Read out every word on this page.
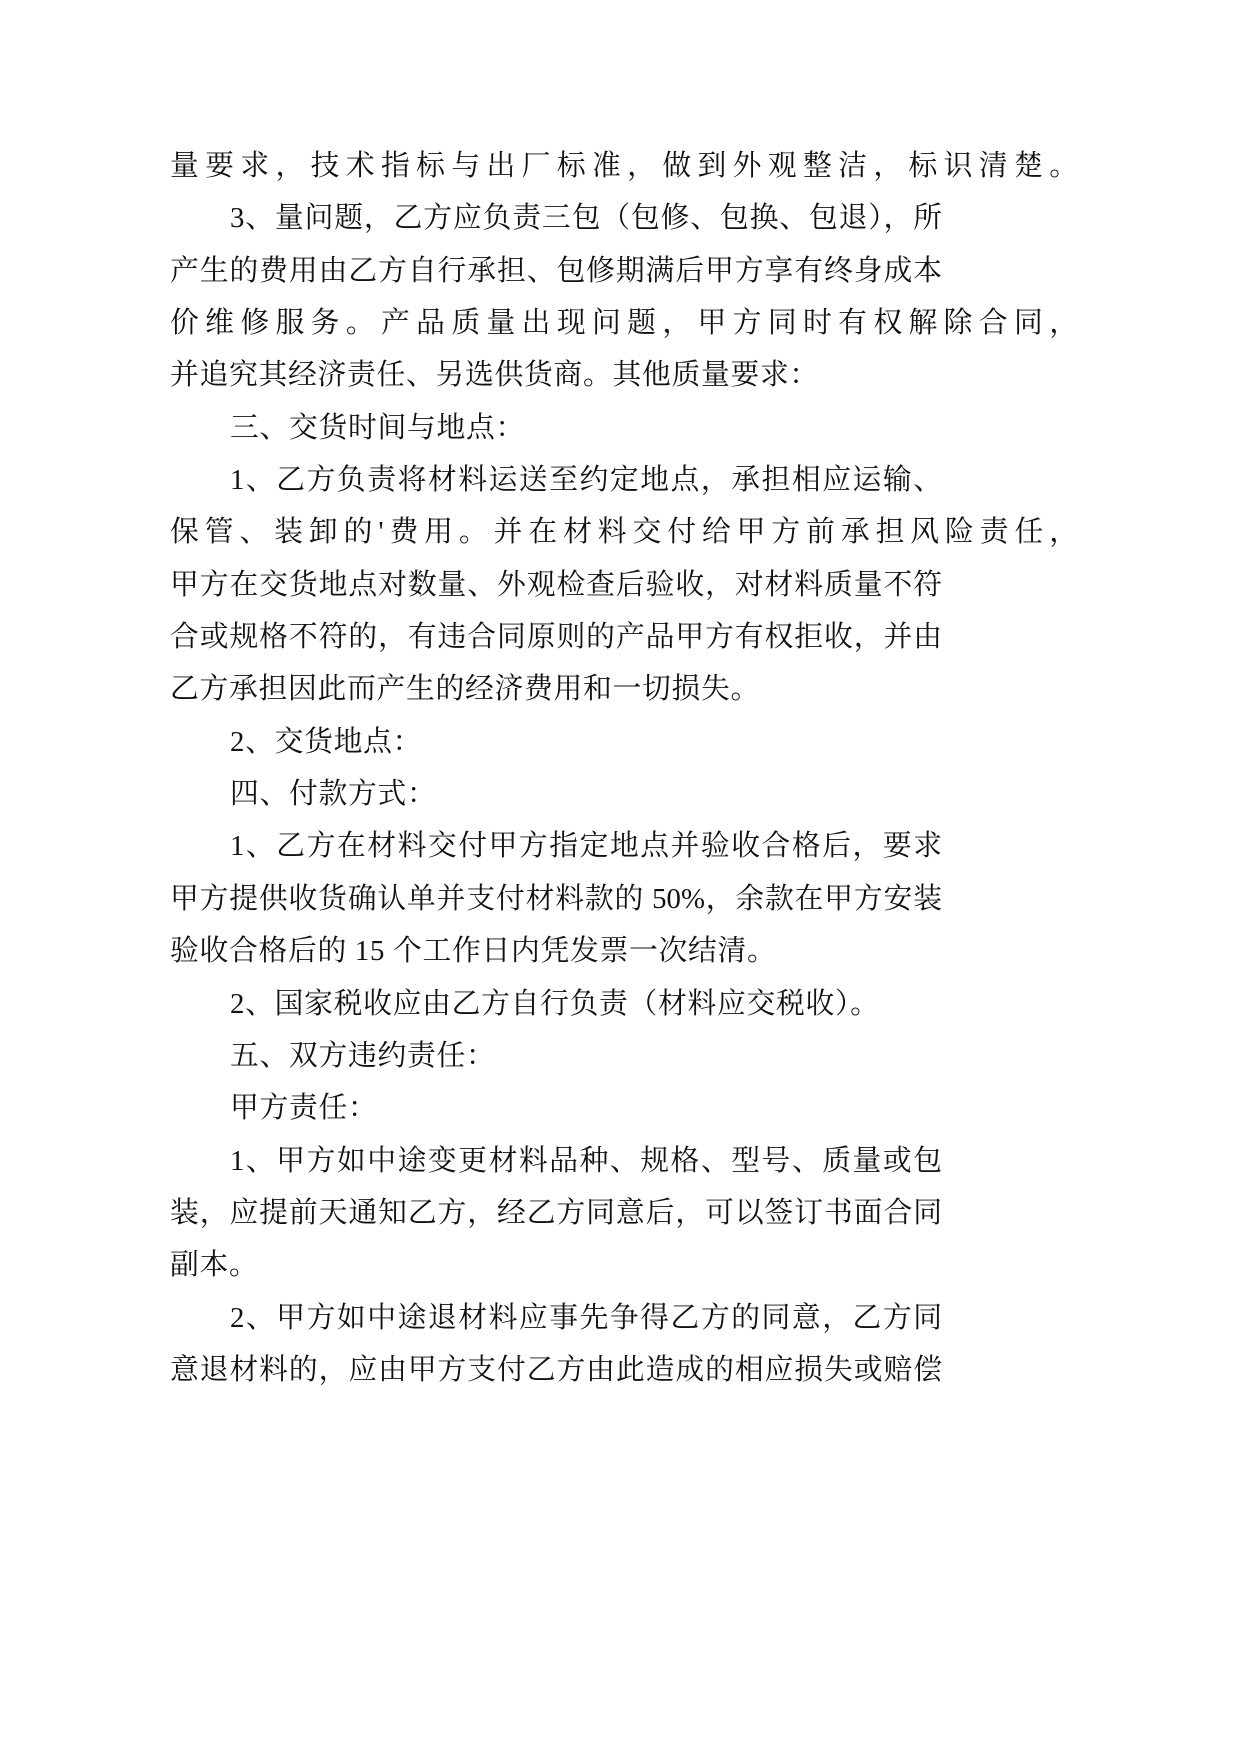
量要求，技术指标与出厂标准，做到外观整洁，标识清楚。
3、量问题，乙方应负责三包（包修、包换、包退），所
产生的费用由乙方自行承担、包修期满后甲方享有终身成本
价维修服务。产品质量出现问题，甲方同时有权解除合同，
并追究其经济责任、另选供货商。其他质量要求：
三、交货时间与地点：
1、乙方负责将材料运送至约定地点，承担相应运输、
保管、装卸的'费用。并在材料交付给甲方前承担风险责任，
甲方在交货地点对数量、外观检查后验收，对材料质量不符
合或规格不符的，有违合同原则的产品甲方有权拒收，并由
乙方承担因此而产生的经济费用和一切损失。
2、交货地点：
四、付款方式：
1、乙方在材料交付甲方指定地点并验收合格后，要求
甲方提供收货确认单并支付材料款的 50%，余款在甲方安装
验收合格后的 15 个工作日内凭发票一次结清。
2、国家税收应由乙方自行负责（材料应交税收）。
五、双方违约责任：
甲方责任：
1、甲方如中途变更材料品种、规格、型号、质量或包
装，应提前天通知乙方，经乙方同意后，可以签订书面合同
副本。
2、甲方如中途退材料应事先争得乙方的同意，乙方同
意退材料的，应由甲方支付乙方由此造成的相应损失或赔偿
